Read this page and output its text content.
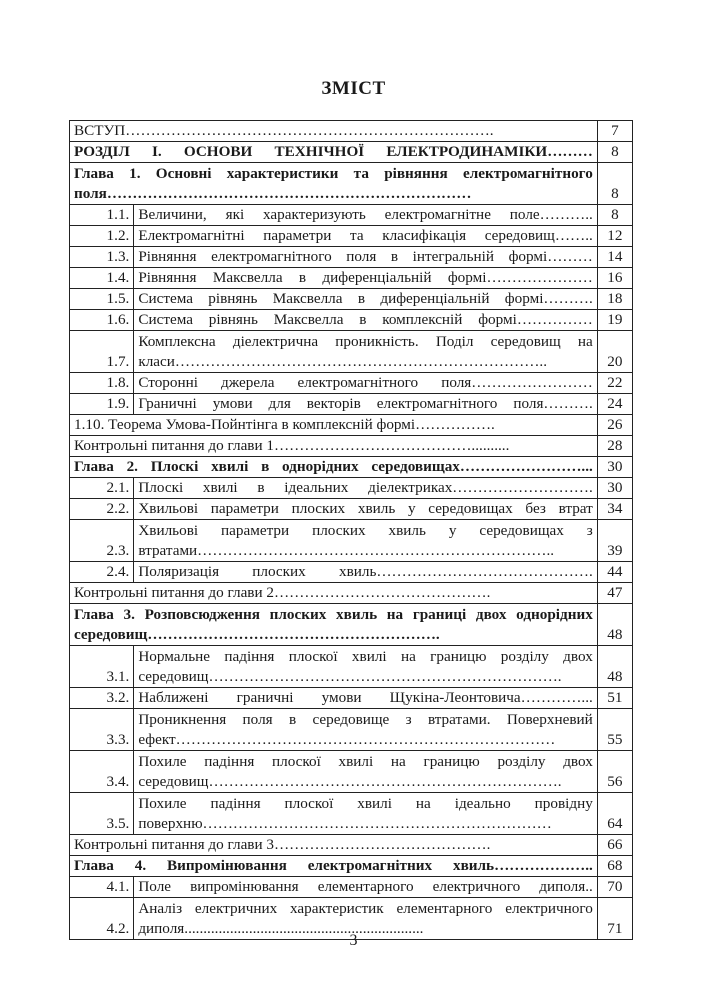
ЗМІСТ
ВСТУП……………………………………………………………….		7
РОЗДІЛ І. ОСНОВИ ТЕХНІЧНОЇ ЕЛЕКТРОДИНАМІКИ………		8
Глава 1. Основні характеристики та рівняння електромагнітного поля………………………………………………………………		8
1.1.	Величини, які характеризують електромагнітне поле………..	8
1.2.	Електромагнітні параметри та класифікація середовищ……..	12
1.3.	Рівняння електромагнітного поля в інтегральній формі………	14
1.4.	Рівняння Максвелла в диференціальній формі…………………	16
1.5.	Система рівнянь Максвелла в диференціальній формі……….	18
1.6.	Система рівнянь Максвелла в комплексній формі……………	19
1.7.	Комплексна діелектрична проникність. Поділ середовищ на класи………………………………………………………………..	20
1.8.	Сторонні джерела електромагнітного поля……………………	22
1.9.	Граничні умови для векторів електромагнітного поля……….	24
1.10. Теорема Умова-Пойнтінга в комплексній формі…………….		26
Контрольні питання до глави 1…………………………………..........		28
Глава 2. Плоскі хвилі в однорідних середовищах……………………...		30
2.1.	Плоскі хвилі в ідеальних діелектриках……………………….	30
2.2.	Хвильові параметри плоских хвиль у середовищах без втрат	34
2.3.	Хвильові параметри плоских хвиль у середовищах з втратами……………………………………………………………..	39
2.4.	Поляризація плоских хвиль…………………………………….	44
Контрольні питання до глави 2…………………………………….		47
Глава 3. Розповсюдження плоских хвиль на границі двох однорідних середовищ………………………………………………….		48
3.1.	Нормальне падіння плоскої хвилі на границю розділу двох середовищ…………………………………………………………….	48
3.2.	Наближені граничні умови Щукіна-Леонтовича…………...	51
3.3.	Проникнення поля в середовище з втратами. Поверхневий ефект…………………………………………………………………	55
3.4.	Похиле падіння плоскої хвилі на границю розділу двох середовищ…………………………………………………………….	56
3.5.	Похиле падіння плоскої хвилі на ідеально провідну поверхню……………………………………………………………	64
Контрольні питання до глави 3…………………………………….		66
Глава 4. Випромінювання електромагнітних хвиль………………..		68
4.1.	Поле випромінювання елементарного електричного диполя..	70
4.2.	Аналіз електричних характеристик елементарного електричного диполя...............................................................	71
3
